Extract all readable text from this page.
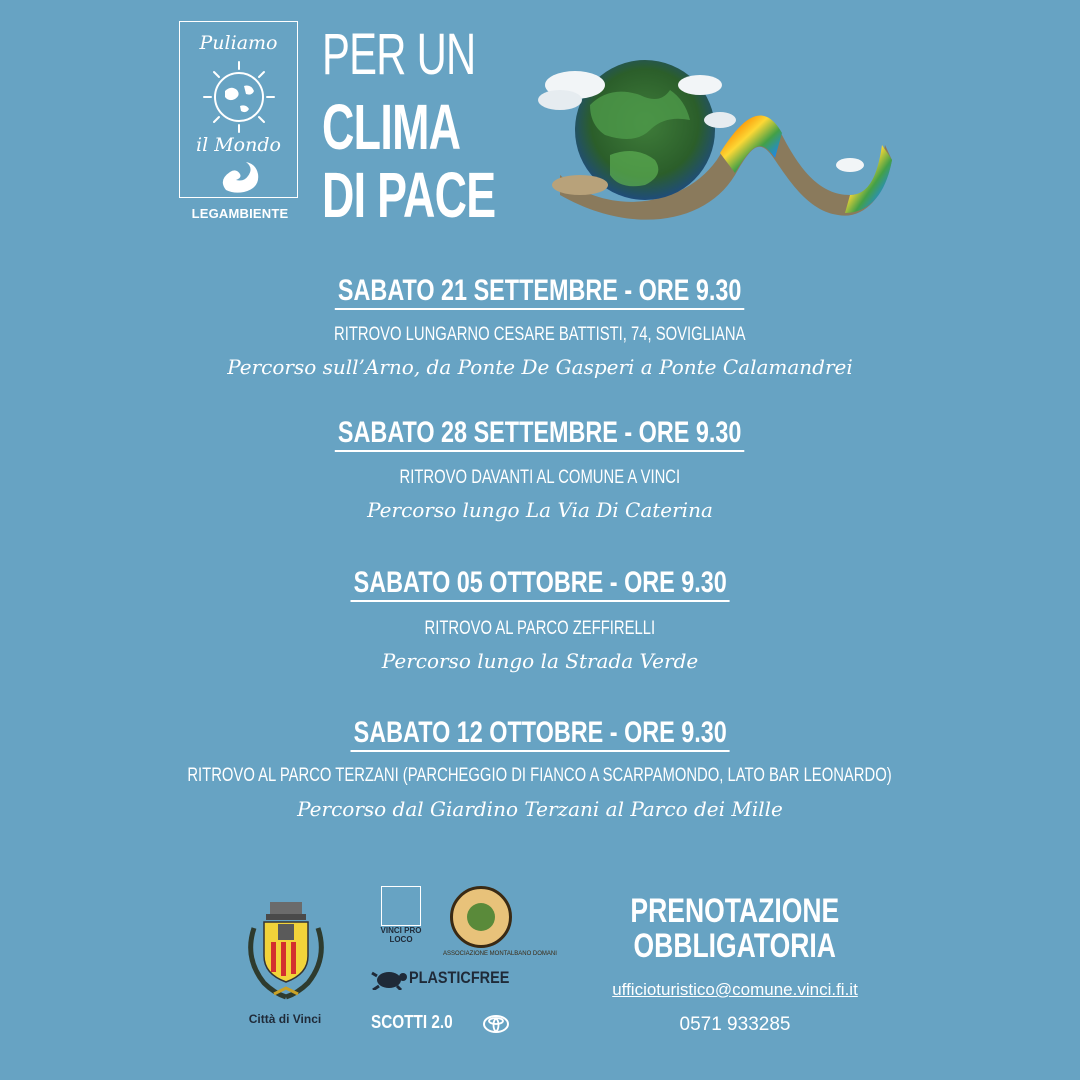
Puliamo
il Mondo
LEGAMBIENTE
PER UN
CLIMA
DI PACE
SABATO 21 SETTEMBRE - ORE 9.30
RITROVO LUNGARNO CESARE BATTISTI, 74, SOVIGLIANA
Percorso sull’Arno, da Ponte De Gasperi a Ponte Calamandrei
SABATO 28 SETTEMBRE - ORE 9.30
RITROVO DAVANTI AL COMUNE A VINCI
Percorso lungo La Via Di Caterina
SABATO 05 OTTOBRE - ORE 9.30
RITROVO AL PARCO ZEFFIRELLI
Percorso lungo la Strada Verde
SABATO 12 OTTOBRE - ORE 9.30
RITROVO AL PARCO TERZANI (PARCHEGGIO DI FIANCO A SCARPAMONDO, LATO BAR LEONARDO)
Percorso dal Giardino Terzani al Parco dei Mille
Città di Vinci
VINCI PRO LOCO
ASSOCIAZIONE MONTALBANO DOMANI
PLASTICFREE
SCOTTI 2.0
PRENOTAZIONE
OBBLIGATORIA
ufficioturistico@comune.vinci.fi.it
0571 933285
